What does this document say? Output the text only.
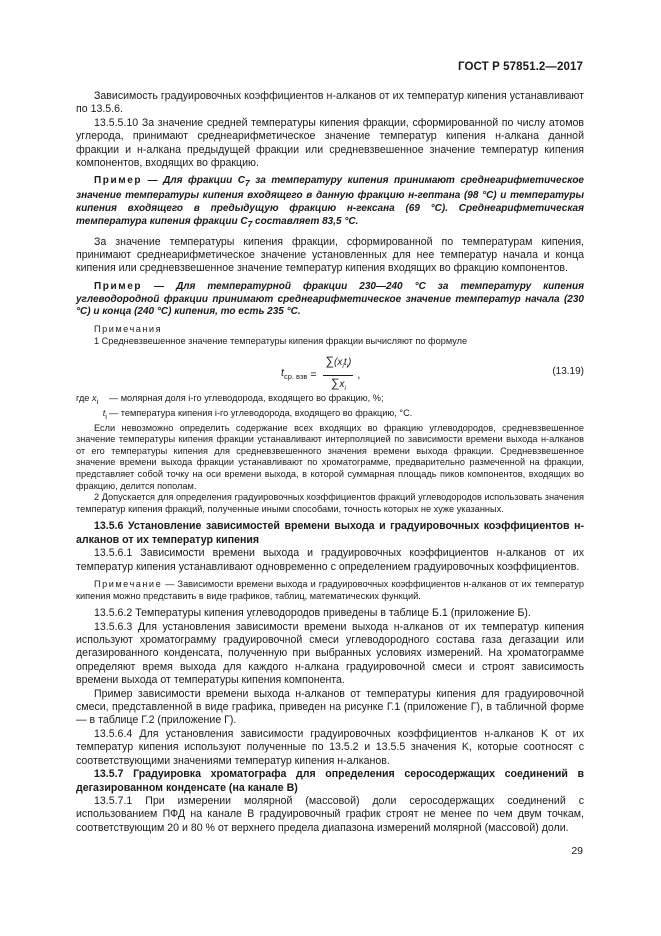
ГОСТ Р 57851.2—2017

Зависимость градуировочных коэффициентов н-алканов от их температур кипения устанавливают по 13.5.6.

13.5.5.10 За значение средней температуры кипения фракции, сформированной по числу атомов углерода, принимают среднеарифметическое значение температур кипения н-алкана данной фракции и н-алкана предыдущей фракции или средневзвешенное значение температур кипения компонентов, входящих во фракцию.

Пример — Для фракции $С_7$ за температуру кипения принимают среднеарифметическое значение температуры кипения входящего в данную фракцию н-гептана (98 °С) и температуры кипения входящего в предыдущую фракцию н-гексана (69 °С). Среднеарифметическая температура кипения фракции $С_7$ составляет 83,5 °С.

За значение температуры кипения фракции, сформированной по температурам кипения, принимают среднеарифметическое значение установленных для нее температур начала и конца кипения или средневзвешенное значение температур кипения входящих во фракцию компонентов.

Пример — Для температурной фракции 230—240 °С за температуру кипения углеводородной фракции принимают среднеарифметическое значение температур начала (230 °С) и конца (240 °С) кипения, то есть 235 °С.

Примечания

1 Средневзвешенное значение температуры кипения фракции вычисляют по формуле

$t_{ср. взв} = \frac{\sum(x_it_i)}{\sum x_i}$ ,	(13.19)
где $x_i$	— молярная доля i-го углеводорода, входящего во фракцию, %;
$t_i$ — температура кипения i-го углеводорода, входящего во фракцию, °С.

Если невозможно определить содержание всех входящих во фракцию углеводородов, средневзвешенное значение температуры кипения фракции устанавливают интерполяцией по зависимости времени выхода н-алканов от его температуры кипения для средневзвешенного значения времени выхода фракции. Средневзвешенное значение времени выхода фракции устанавливают по хроматограмме, предварительно размеченной на фракции, представляет собой точку на оси времени выхода, в которой суммарная площадь пиков компонентов, входящих во фракцию, делится пополам.

2 Допускается для определения градуировочных коэффициентов фракций углеводородов использовать значения температур кипения фракций, полученные иными способами, точность которых не хуже указанных.

13.5.6 Установление зависимостей времени выхода и градуировочных коэффициентов н-алканов от их температур кипения

13.5.6.1 Зависимости времени выхода и градуировочных коэффициентов н-алканов от их температур кипения устанавливают одновременно с определением градуировочных коэффициентов.

Примечание — Зависимости времени выхода и градуировочных коэффициентов н-алканов от их температур кипения можно представить в виде графиков, таблиц, математических функций.

13.5.6.2 Температуры кипения углеводородов приведены в таблице Б.1 (приложение Б).

13.5.6.3 Для установления зависимости времени выхода н-алканов от их температур кипения используют хроматограмму градуировочной смеси углеводородного состава газа дегазации или дегазированного конденсата, полученную при выбранных условиях измерений. На хроматограмме определяют время выхода для каждого н-алкана градуировочной смеси и строят зависимость времени выхода от температуры кипения компонента.

Пример зависимости времени выхода н-алканов от температуры кипения для градуировочной смеси, представленной в виде графика, приведен на рисунке Г.1 (приложение Г), в табличной форме — в таблице Г.2 (приложение Г).

13.5.6.4 Для установления зависимости градуировочных коэффициентов н-алканов K от их температур кипения используют полученные по 13.5.2 и 13.5.5 значения K, которые соотносят с соответствующими значениями температур кипения н-алканов.

13.5.7 Градуировка хроматографа для определения серосодержащих соединений в дегазированном конденсате (на канале В)

13.5.7.1 При измерении молярной (массовой) доли серосодержащих соединений с использованием ПФД на канале В градуировочный график строят не менее по чем двум точкам, соответствующим 20 и 80 % от верхнего предела диапазона измерений молярной (массовой) доли.

29
